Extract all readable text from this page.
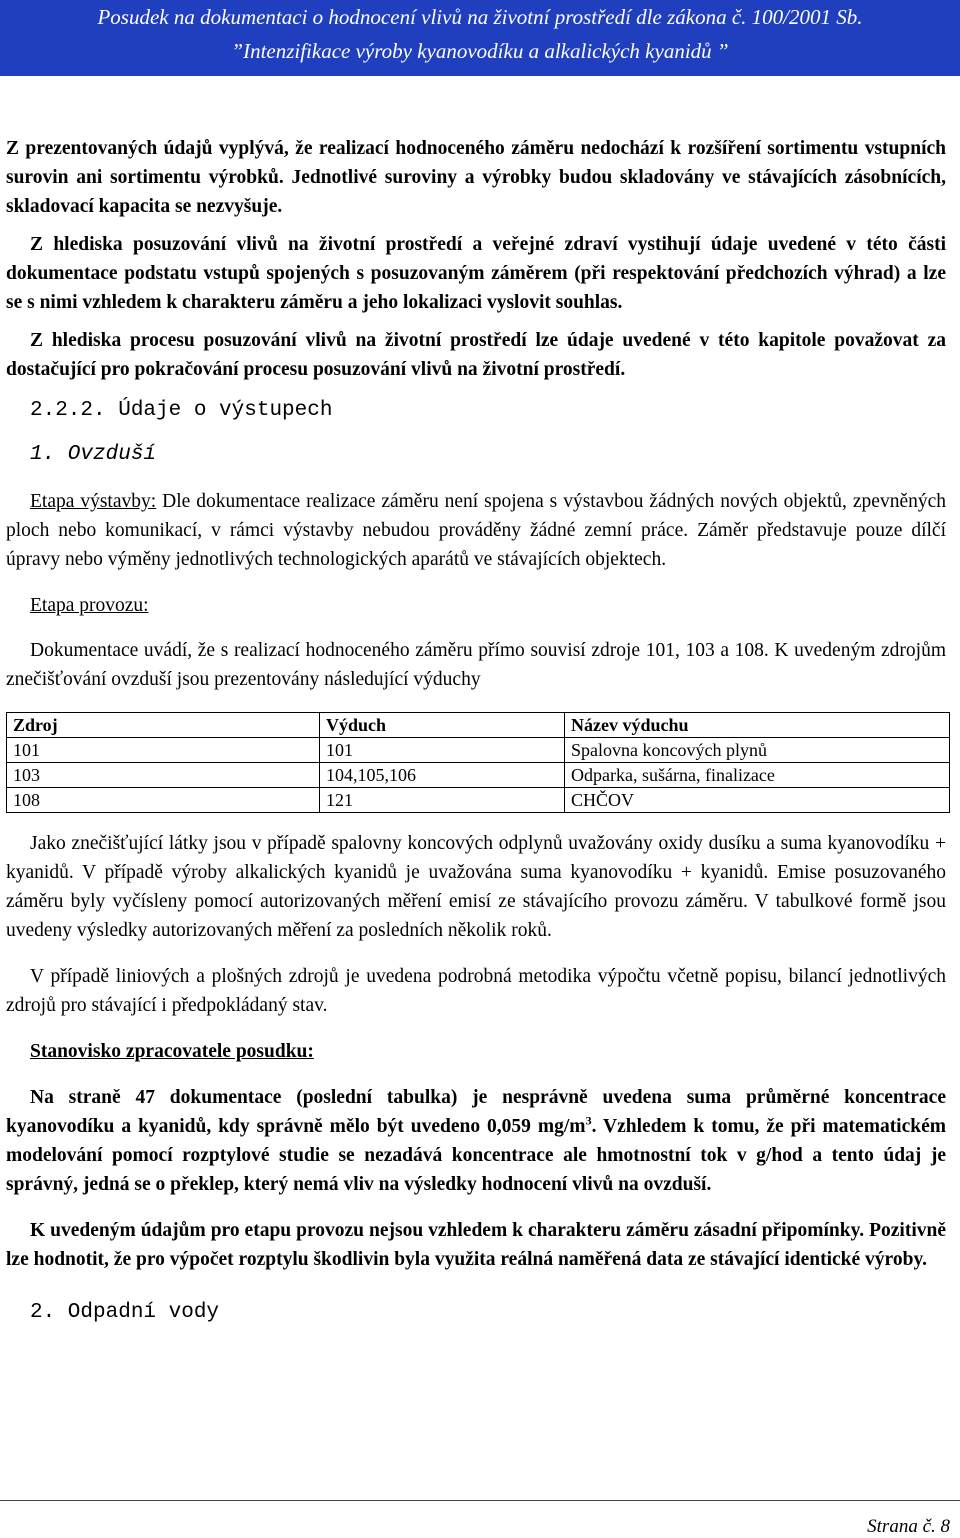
Posudek na dokumentaci o hodnocení vlivů na životní prostředí dle zákona č. 100/2001 Sb.
”Intenzifikace výroby kyanovodíku a alkalických kyanidů ”

Z prezentovaných údajů vyplývá, že realizací hodnoceného záměru nedochází k rozšíření sortimentu vstupních surovin ani sortimentu výrobků. Jednotlivé suroviny a výrobky budou skladovány ve stávajících zásobnících, skladovací kapacita se nezvyšuje.

Z hlediska posuzování vlivů na životní prostředí a veřejné zdraví vystihují údaje uvedené v této části dokumentace podstatu vstupů spojených s posuzovaným záměrem (při respektování předchozích výhrad) a lze se s nimi vzhledem k charakteru záměru a jeho lokalizaci vyslovit souhlas.

Z hlediska procesu posuzování vlivů na životní prostředí lze údaje uvedené v této kapitole považovat za dostačující pro pokračování procesu posuzování vlivů na životní prostředí.

2.2.2. Údaje o výstupech
1. Ovzduší

Etapa výstavby: Dle dokumentace realizace záměru není spojena s výstavbou žádných nových objektů, zpevněných ploch nebo komunikací, v rámci výstavby nebudou prováděny žádné zemní práce. Záměr představuje pouze dílčí úpravy nebo výměny jednotlivých technologických aparátů ve stávajících objektech.

Etapa provozu:

Dokumentace uvádí, že s realizací hodnoceného záměru přímo souvisí zdroje 101, 103 a 108. K uvedeným zdrojům znečišťování ovzduší jsou prezentovány následující výduchy

Zdroj	Výduch	Název výduchu
101	101	Spalovna koncových plynů
103	104,105,106	Odparka, sušárna, finalizace
108	121	CHČOV

Jako znečišťující látky jsou v případě spalovny koncových odplynů uvažovány oxidy dusíku a suma kyanovodíku + kyanidů. V případě výroby alkalických kyanidů je uvažována suma kyanovodíku + kyanidů. Emise posuzovaného záměru byly vyčísleny pomocí autorizovaných měření emisí ze stávajícího provozu záměru. V tabulkové formě jsou uvedeny výsledky autorizovaných měření za posledních několik roků.

V případě liniových a plošných zdrojů je uvedena podrobná metodika výpočtu včetně popisu, bilancí jednotlivých zdrojů pro stávající i předpokládaný stav.

Stanovisko zpracovatele posudku:

Na straně 47 dokumentace (poslední tabulka) je nesprávně uvedena suma průměrné koncentrace kyanovodíku a kyanidů, kdy správně mělo být uvedeno 0,059 $mg/m^3$. Vzhledem k tomu, že při matematickém modelování pomocí rozptylové studie se nezadává koncentrace ale hmotnostní tok v g/hod a tento údaj je správný, jedná se o překlep, který nemá vliv na výsledky hodnocení vlivů na ovzduší.

K uvedeným údajům pro etapu provozu nejsou vzhledem k charakteru záměru zásadní připomínky. Pozitivně lze hodnotit, že pro výpočet rozptylu škodlivin byla využita reálná naměřená data ze stávající identické výroby.

2. Odpadní vody
Strana č. 8
